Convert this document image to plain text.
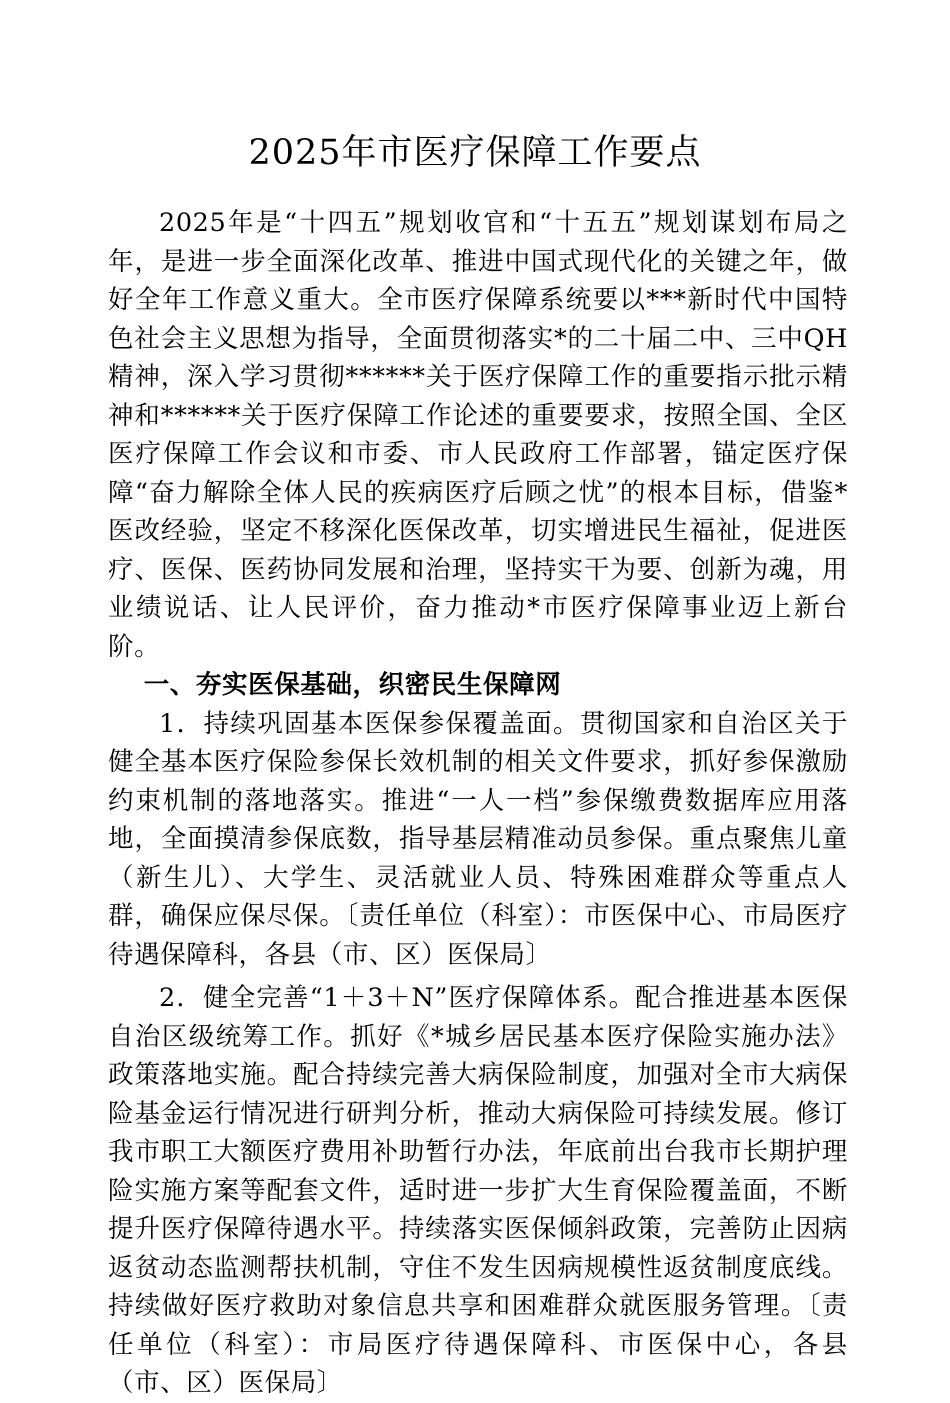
2025年市医疗保障工作要点

2025年是“十四五”规划收官和“十五五”规划谋划布局之年，是进一步全面深化改革、推进中国式现代化的关键之年，做好全年工作意义重大。全市医疗保障系统要以***新时代中国特色社会主义思想为指导，全面贯彻落实*的二十届二中、三中QH精神，深入学习贯彻******关于医疗保障工作的重要指示批示精神和******关于医疗保障工作论述的重要要求，按照全国、全区医疗保障工作会议和市委、市人民政府工作部署，锚定医疗保障“奋力解除全体人民的疾病医疗后顾之忧”的根本目标，借鉴*医改经验，坚定不移深化医保改革，切实增进民生福祉，促进医疗、医保、医药协同发展和治理，坚持实干为要、创新为魂，用业绩说话、让人民评价，奋力推动*市医疗保障事业迈上新台阶。

一、夯实医保基础，织密民生保障网

1．持续巩固基本医保参保覆盖面。贯彻国家和自治区关于健全基本医疗保险参保长效机制的相关文件要求，抓好参保激励约束机制的落地落实。推进“一人一档”参保缴费数据库应用落地，全面摸清参保底数，指导基层精准动员参保。重点聚焦儿童（新生儿）、大学生、灵活就业人员、特殊困难群众等重点人群，确保应保尽保。〔责任单位（科室）：市医保中心、市局医疗待遇保障科，各县（市、区）医保局〕

2．健全完善“1＋3＋N”医疗保障体系。配合推进基本医保自治区级统筹工作。抓好《*城乡居民基本医疗保险实施办法》政策落地实施。配合持续完善大病保险制度，加强对全市大病保险基金运行情况进行研判分析，推动大病保险可持续发展。修订我市职工大额医疗费用补助暂行办法，年底前出台我市长期护理险实施方案等配套文件，适时进一步扩大生育保险覆盖面，不断提升医疗保障待遇水平。持续落实医保倾斜政策，完善防止因病返贫动态监测帮扶机制，守住不发生因病规模性返贫制度底线。持续做好医疗救助对象信息共享和困难群众就医服务管理。〔责任单位（科室）：市局医疗待遇保障科、市医保中心，各县（市、区）医保局〕
